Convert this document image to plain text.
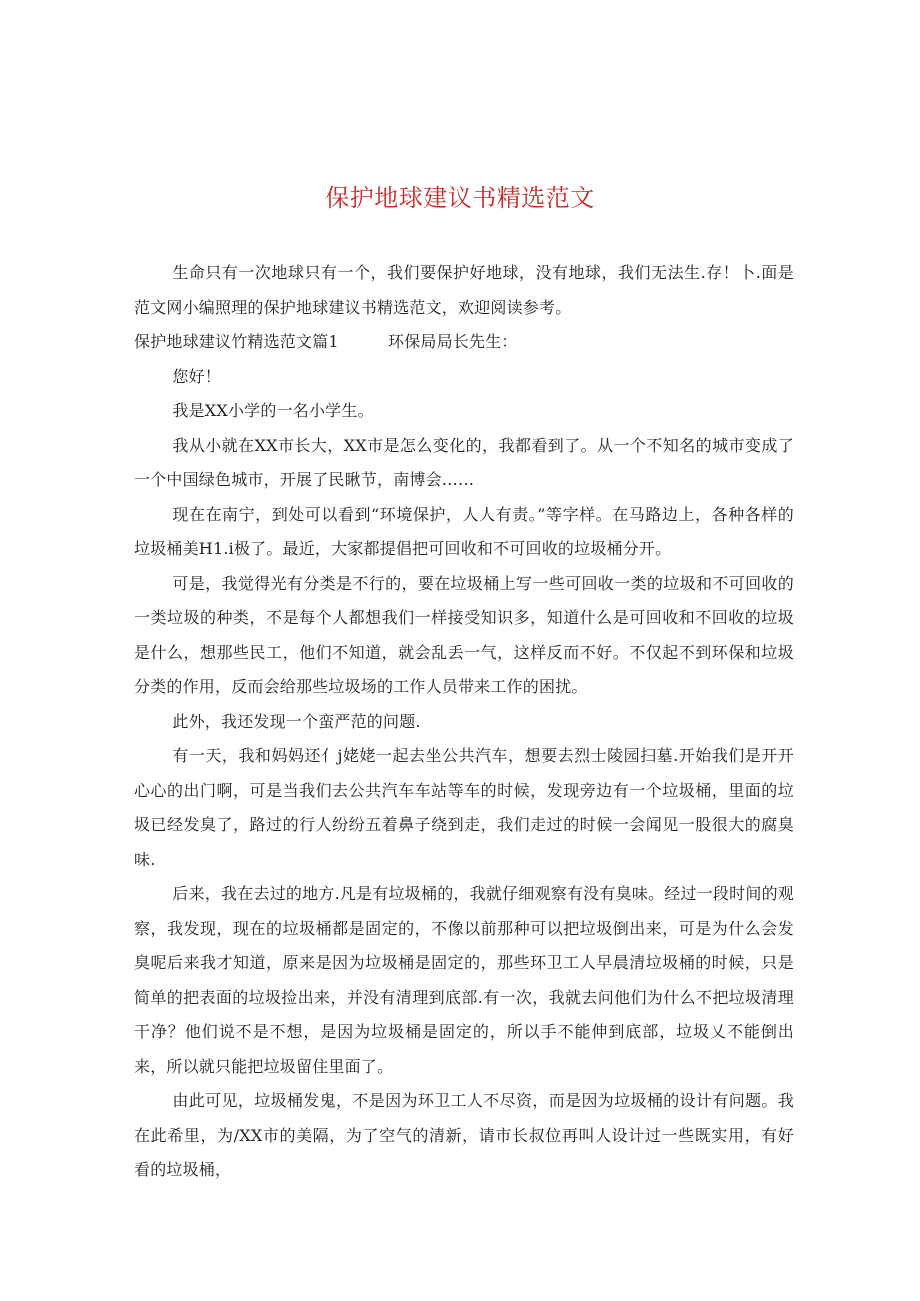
保护地球建议书精选范文

生命只有一次地球只有一个，我们要保护好地球，没有地球，我们无法生.存！卜.面是范文网小编照理的保护地球建议书精选范文，欢迎阅读参考。

保护地球建议竹精选范文篇1	环保局局长先生：

您好！

我是XX小学的一名小学生。

我从小就在XX市长大，XX市是怎么变化的，我都看到了。从一个不知名的城市变成了一个中国绿色城市，开展了民瞅节，南博会……

现在在南宁，到处可以看到“环境保护，人人有责。”等字样。在马路边上，各种各样的垃圾桶美H1.i极了。最近，大家都提倡把可回收和不可回收的垃圾桶分开。

可是，我觉得光有分类是不行的，要在垃圾桶上写一些可回收一类的垃圾和不可回收的一类垃圾的种类，不是每个人都想我们一样接受知识多，知道什么是可回收和不回收的垃圾是什么，想那些民工，他们不知道，就会乱丢一气，这样反而不好。不仅起不到环保和垃圾分类的作用，反而会给那些垃圾场的工作人员带来工作的困扰。

此外，我还发现一个蛮严范的问题.

有一天，我和妈妈还亻j姥姥一起去坐公共汽车，想要去烈士陵园扫墓.开始我们是开开心心的出门啊，可是当我们去公共汽车车站等车的时候，发现旁边有一个垃圾桶，里面的垃圾已经发臭了，路过的行人纷纷五着鼻子绕到走，我们走过的时候一会闻见一股很大的腐臭味.

后来，我在去过的地方.凡是有垃圾桶的，我就仔细观察有没有臭味。经过一段时间的观察，我发现，现在的垃圾桶都是固定的，不像以前那种可以把垃圾倒出来，可是为什么会发臭呢后来我才知道，原来是因为垃圾桶是固定的，那些环卫工人早晨清垃圾桶的时候，只是简单的把表面的垃圾捡出来，并没有清理到底部.有一次，我就去问他们为什么不把垃圾清理干净？他们说不是不想，是因为垃圾桶是固定的，所以手不能伸到底部，垃圾乂不能倒出来，所以就只能把垃圾留住里面了。

由此可见，垃圾桶发鬼，不是因为环卫工人不尽资，而是因为垃圾桶的设计有问题。我在此希里，为/XX市的美隔，为了空气的清新，请市长叔位再叫人设计过一些既实用，有好看的垃圾桶，
